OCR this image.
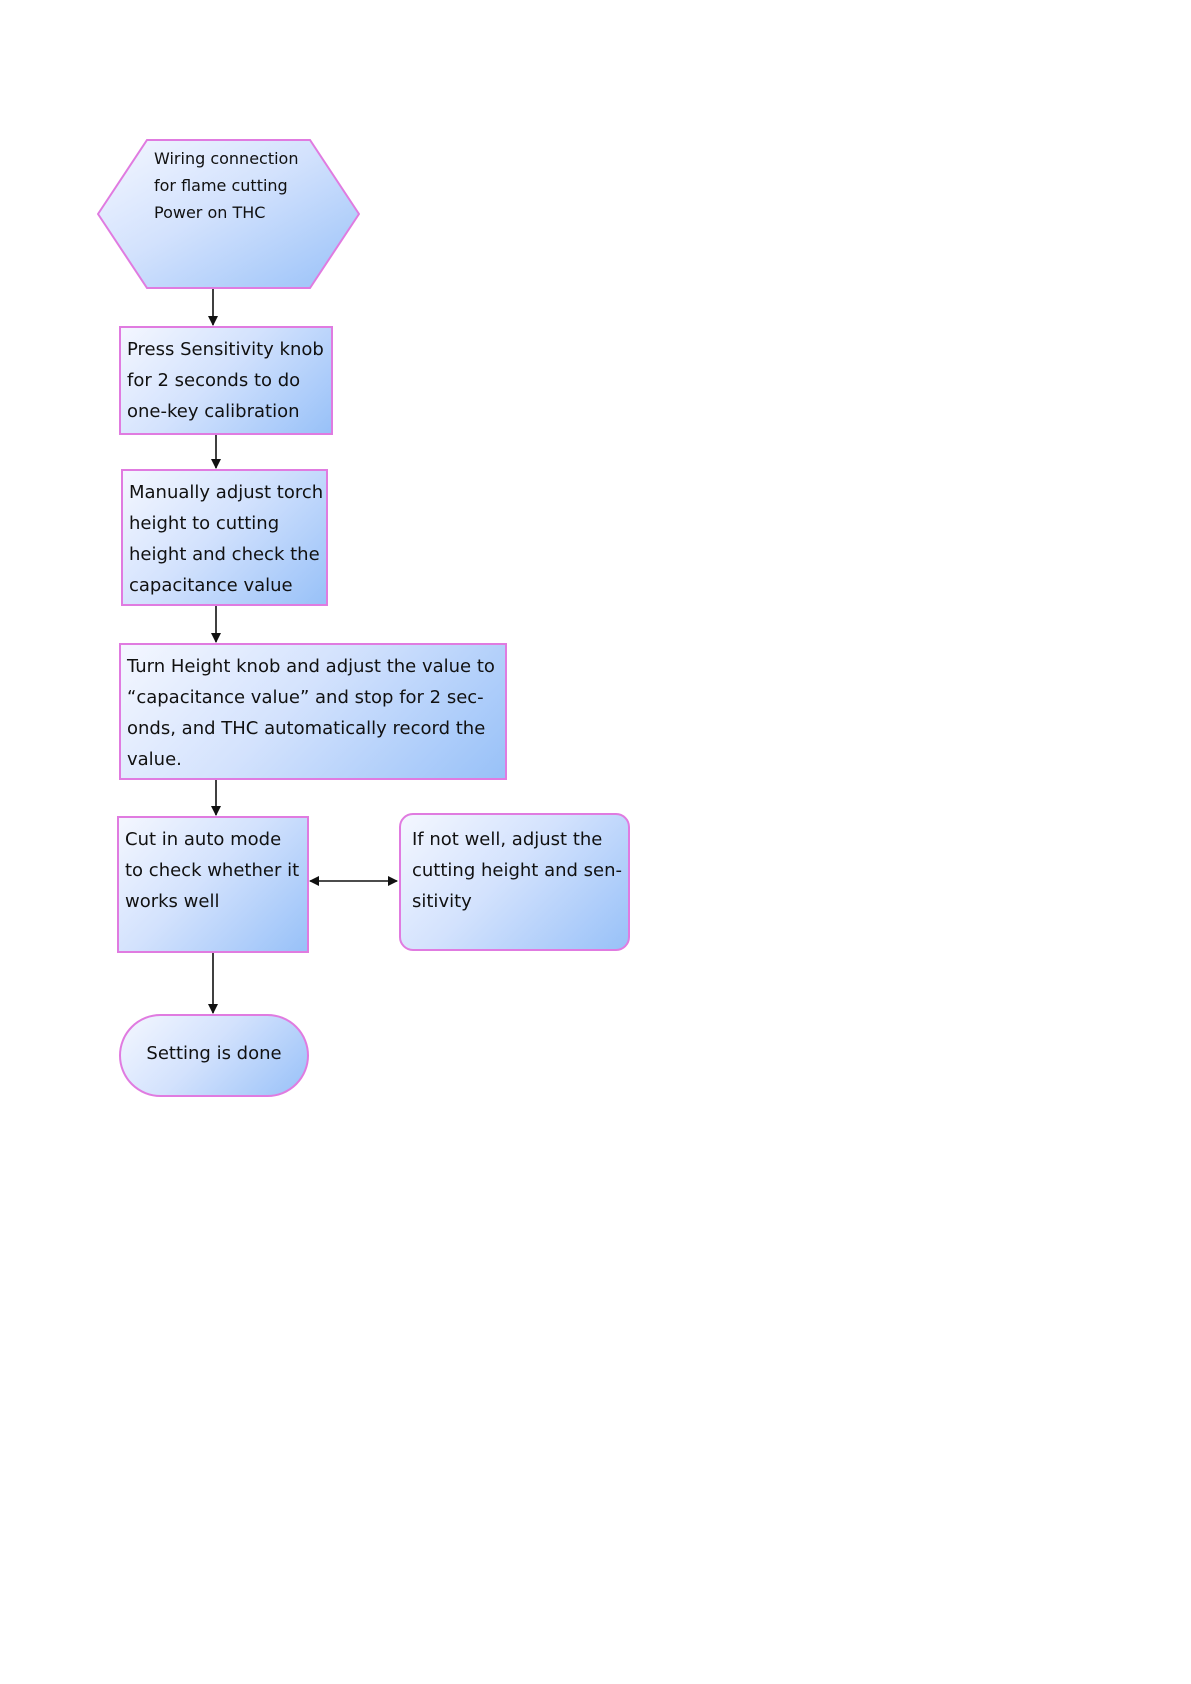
Wiring connection
for flame cutting
Power on THC
Press Sensitivity knob
for 2 seconds to do
one-key calibration
Manually adjust torch
height to cutting
height and check the
capacitance value
Turn Height knob and adjust the value to
“capacitance value” and stop for 2 sec-
onds, and THC automatically record the
value.
Cut in auto mode
to check whether it
works well
If not well, adjust the
cutting height and sen-
sitivity
Setting is done
